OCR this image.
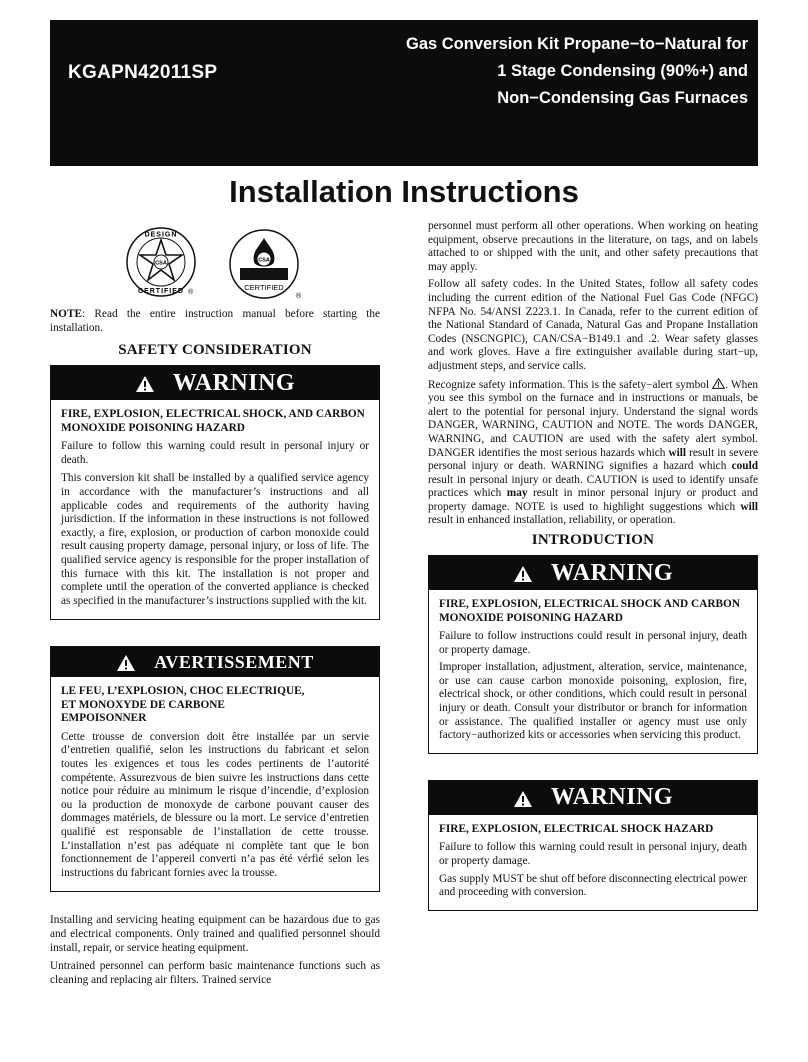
KGAPN42011SP
Gas Conversion Kit Propane−to−Natural for
1 Stage Condensing (90%+) and
Non−Condensing Gas Furnaces
Installation Instructions
CSA
DESIGN
CERTIFIED ®
CSA
CERTIFIED
®

NOTE: Read the entire instruction manual before starting the installation.

SAFETY CONSIDERATION
WARNING
FIRE, EXPLOSION, ELECTRICAL SHOCK, AND CARBON MONOXIDE POISONING HAZARD

Failure to follow this warning could result in personal injury or death.

This conversion kit shall be installed by a qualified service agency in accordance with the manufacturer’s instructions and all applicable codes and requirements of the authority having jurisdiction. If the information in these instructions is not followed exactly, a fire, explosion, or production of carbon monoxide could result causing property damage, personal injury, or loss of life. The qualified service agency is responsible for the proper installation of this furnace with this kit. The installation is not proper and complete until the operation of the converted appliance is checked as specified in the manufacturer’s instructions supplied with the kit.

AVERTISSEMENT
LE FEU, L’EXPLOSION, CHOC ELECTRIQUE,
ET MONOXYDE DE CARBONE
EMPOISONNER

Cette trousse de conversion doit être installée par un servie d’entretien qualifié, selon les instructions du fabricant et selon toutes les exigences et tous les codes pertinents de l’autorité compétente. Assurezvous de bien suivre les instructions dans cette notice pour réduire au minimum le risque d’incendie, d’explosion ou la production de monoxyde de carbone pouvant causer des dommages matériels, de blessure ou la mort. Le service d’entretien qualifié est responsable de l’installation de cette trousse. L’installation n’est pas adéquate ni complète tant que le bon fonctionnement de l’appereil converti n’a pas été vérfié selon les instructions du fabricant fornies avec la trousse.

Installing and servicing heating equipment can be hazardous due to gas and electrical components. Only trained and qualified personnel should install, repair, or service heating equipment.

Untrained personnel can perform basic maintenance functions such as cleaning and replacing air filters. Trained service

personnel must perform all other operations. When working on heating equipment, observe precautions in the literature, on tags, and on labels attached to or shipped with the unit, and other safety precautions that may apply.

Follow all safety codes. In the United States, follow all safety codes including the current edition of the National Fuel Gas Code (NFGC) NFPA No. 54/ANSI Z223.1. In Canada, refer to the current edition of the National Standard of Canada, Natural Gas and Propane Installation Codes (NSCNGPIC), CAN/CSA−B149.1 and .2. Wear safety glasses and work gloves. Have a fire extinguisher available during start−up, adjustment steps, and service calls.

Recognize safety information. This is the safety−alert symbol . When you see this symbol on the furnace and in instructions or manuals, be alert to the potential for personal injury. Understand the signal words DANGER, WARNING, CAUTION and NOTE. The words DANGER, WARNING, and CAUTION are used with the safety alert symbol. DANGER identifies the most serious hazards which will result in severe personal injury or death. WARNING signifies a hazard which could result in personal injury or death. CAUTION is used to identify unsafe practices which may result in minor personal injury or product and property damage. NOTE is used to highlight suggestions which will result in enhanced installation, reliability, or operation.

INTRODUCTION
WARNING
FIRE, EXPLOSION, ELECTRICAL SHOCK AND CARBON MONOXIDE POISONING HAZARD

Failure to follow instructions could result in personal injury, death or property damage.

Improper installation, adjustment, alteration, service, maintenance, or use can cause carbon monoxide poisoning, explosion, fire, electrical shock, or other conditions, which could result in personal injury or death. Consult your distributor or branch for information or assistance. The qualified installer or agency must use only factory−authorized kits or accessories when servicing this product.

WARNING
FIRE, EXPLOSION, ELECTRICAL SHOCK HAZARD

Failure to follow this warning could result in personal injury, death or property damage.

Gas supply MUST be shut off before disconnecting electrical power and proceeding with conversion.
